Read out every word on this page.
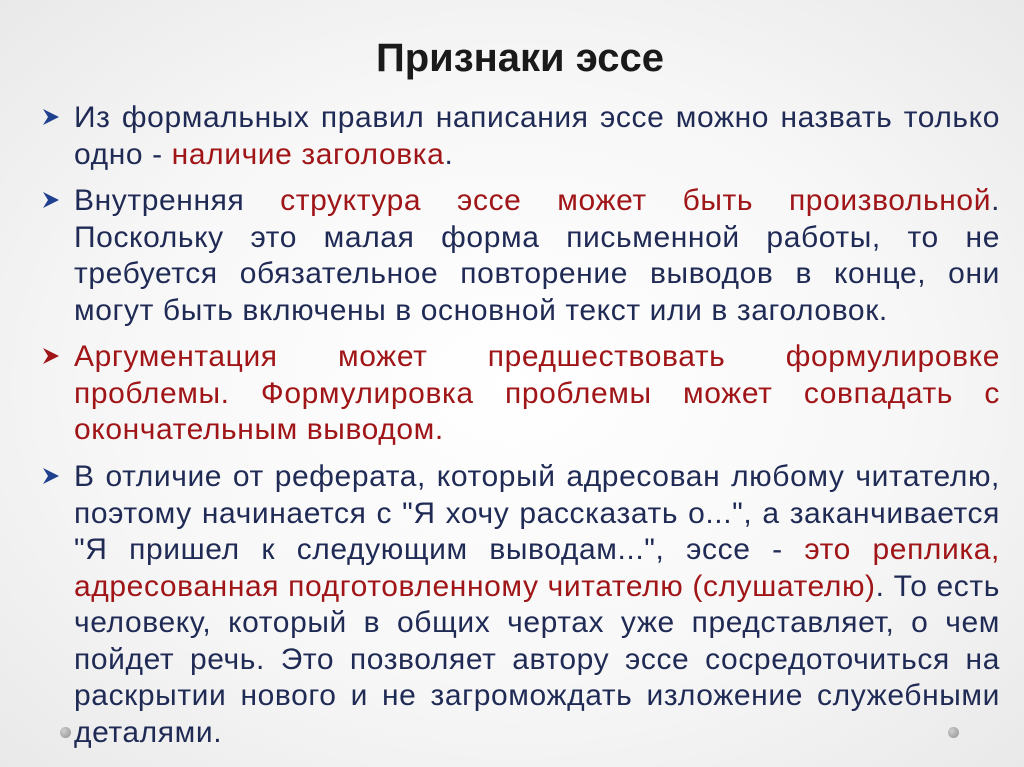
Признаки эссе

Из формальных правил написания эссе можно назвать только одно - наличие заголовка.

Внутренняя структура эссе может быть произвольной. Поскольку это малая форма письменной работы, то не требуется обязательное повторение выводов в конце, они могут быть включены в основной текст или в заголовок.

Аргументация может предшествовать формулировке проблемы. Формулировка проблемы может совпадать с окончательным выводом.

В отличие от реферата, который адресован любому читателю, поэтому начинается с "Я хочу рассказать о...", а заканчивается "Я пришел к следующим выводам...", эссе - это реплика, адресованная подготовленному читателю (слушателю). То есть человеку, который в общих чертах уже представляет, о чем пойдет речь. Это позволяет автору эссе сосредоточиться на раскрытии нового и не загромождать изложение служебными деталями.
